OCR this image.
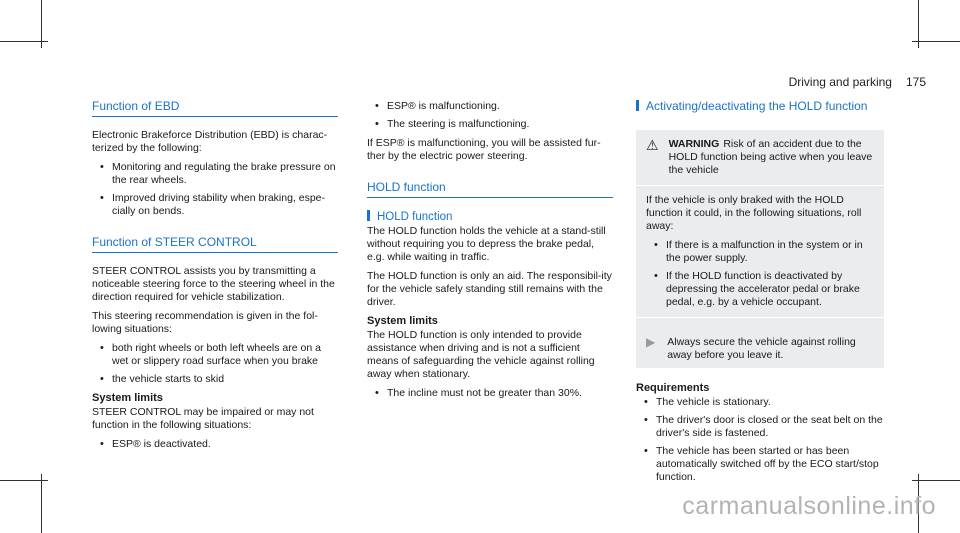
Driving and parking 175
Function of EBD

Electronic Brakeforce Distribution (EBD) is charac-terized by the following:

• Monitoring and regulating the brake pressure on the rear wheels.
• Improved driving stability when braking, espe-cially on bends.
Function of STEER CONTROL

STEER CONTROL assists you by transmitting a noticeable steering force to the steering wheel in the direction required for vehicle stabilization.

This steering recommendation is given in the fol-lowing situations:

• both right wheels or both left wheels are on a wet or slippery road surface when you brake
• the vehicle starts to skid
System limits

STEER CONTROL may be impaired or may not function in the following situations:

• ESP® is deactivated.
• ESP® is malfunctioning.
• The steering is malfunctioning.

If ESP® is malfunctioning, you will be assisted fur-ther by the electric power steering.

HOLD function
HOLD function

The HOLD function holds the vehicle at a stand-still without requiring you to depress the brake pedal, e.g. while waiting in traffic.

The HOLD function is only an aid. The responsibil-ity for the vehicle safely standing still remains with the driver.

System limits

The HOLD function is only intended to provide assistance when driving and is not a sufficient means of safeguarding the vehicle against rolling away when stationary.

• The incline must not be greater than 30%.
Activating/deactivating the HOLD function
⚠ WARNING Risk of an accident due to the HOLD function being active when you leave the vehicle

If the vehicle is only braked with the HOLD function it could, in the following situations, roll away:

• If there is a malfunction in the system or in the power supply.
• If the HOLD function is deactivated by depressing the accelerator pedal or brake pedal, e.g. by a vehicle occupant.
▶ Always secure the vehicle against rolling away before you leave it.
Requirements
• The vehicle is stationary.
• The driver's door is closed or the seat belt on the driver's side is fastened.
• The vehicle has been started or has been automatically switched off by the ECO start/stop function.
carmanualsonline.info
